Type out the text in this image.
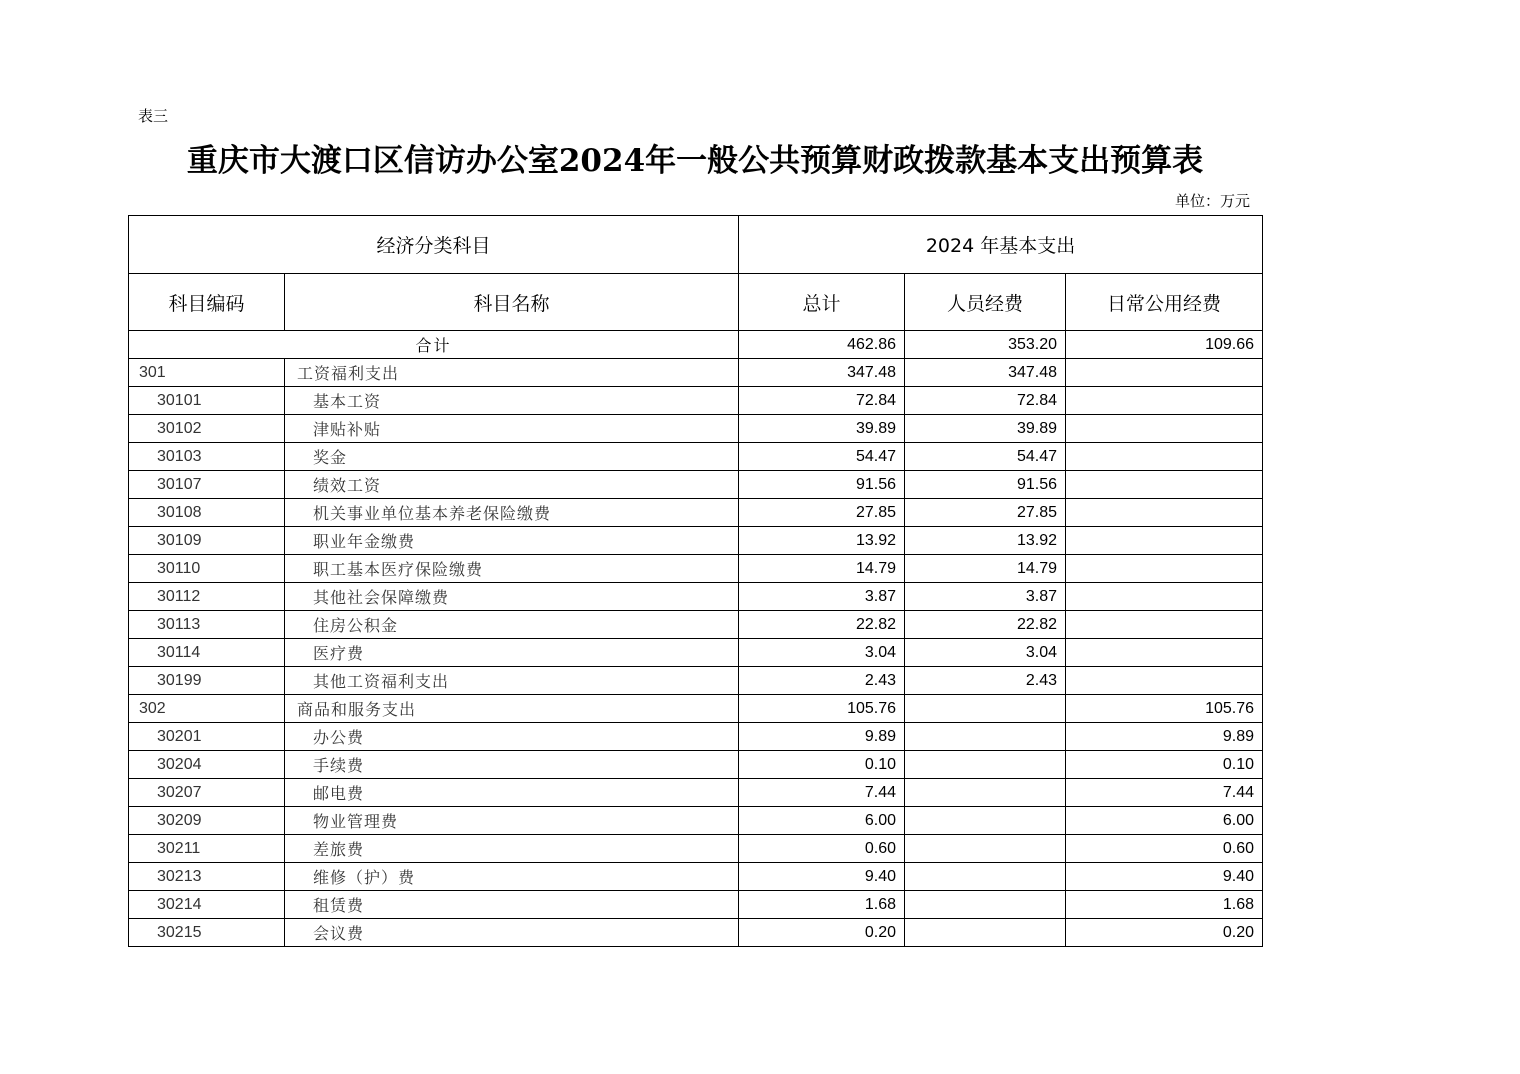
表三
重庆市大渡口区信访办公室2024年一般公共预算财政拨款基本支出预算表
单位：万元
经济分类科目		2024 年基本支出		
科目编码	科目名称	总计	人员经费	日常公用经费
合计		462.86	353.20	109.66
301	工资福利支出	347.48	347.48	
30101	基本工资	72.84	72.84	
30102	津贴补贴	39.89	39.89	
30103	奖金	54.47	54.47	
30107	绩效工资	91.56	91.56	
30108	机关事业单位基本养老保险缴费	27.85	27.85	
30109	职业年金缴费	13.92	13.92	
30110	职工基本医疗保险缴费	14.79	14.79	
30112	其他社会保障缴费	3.87	3.87	
30113	住房公积金	22.82	22.82	
30114	医疗费	3.04	3.04	
30199	其他工资福利支出	2.43	2.43	
302	商品和服务支出	105.76		105.76
30201	办公费	9.89		9.89
30204	手续费	0.10		0.10
30207	邮电费	7.44		7.44
30209	物业管理费	6.00		6.00
30211	差旅费	0.60		0.60
30213	维修（护）费	9.40		9.40
30214	租赁费	1.68		1.68
30215	会议费	0.20		0.20
